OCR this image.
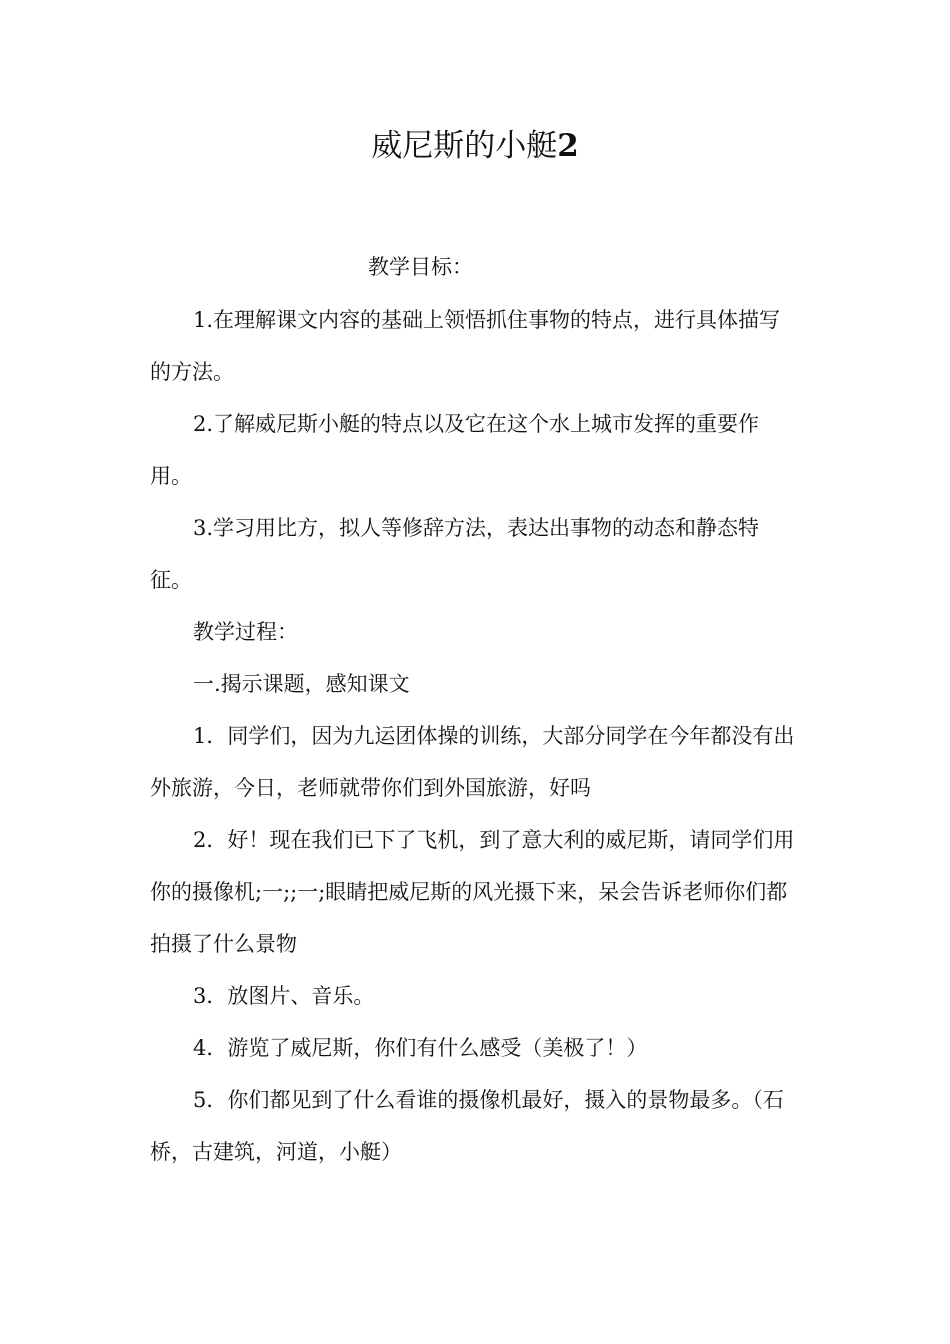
威尼斯的小艇2
教学目标：

1.在理解课文内容的基础上领悟抓住事物的特点，进行具体描写的方法。

2.了解威尼斯小艇的特点以及它在这个水上城市发挥的重要作用。

3.学习用比方，拟人等修辞方法，表达出事物的动态和静态特征。

教学过程：

一.揭示课题，感知课文

1．同学们，因为九运团体操的训练，大部分同学在今年都没有出外旅游，今日，老师就带你们到外国旅游，好吗

2．好！现在我们已下了飞机，到了意大利的威尼斯，请同学们用你的摄像机;一;;一;眼睛把威尼斯的风光摄下来，呆会告诉老师你们都拍摄了什么景物

3．放图片、音乐。

4．游览了威尼斯，你们有什么感受（美极了！）

5．你们都见到了什么看谁的摄像机最好，摄入的景物最多。（石桥，古建筑，河道，小艇）
